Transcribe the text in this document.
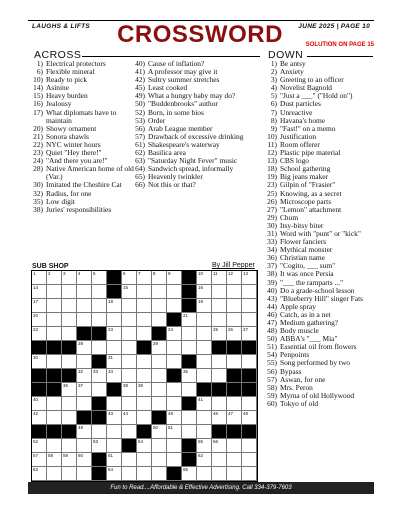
LAUGHS & LIFTS	JUNE 2025 | PAGE 10
CROSSWORD	SOLUTION ON PAGE 15
ACROSS	DOWN
1) Electrical protectors
6) Flexible mineral
10) Ready to pick
14) Asinine
15) Heavy burden
16) Jealousy
17) What diplomats have to maintain
20) Showy ornament
21) Sonora shawls
22) NYC winter hours
23) Quiet "Hey there!"
24) "And there you are!"
28) Native American home of old (Var.)
30) Imitated the Cheshire Cat
32) Radius, for one
35) Low digit
38) Juries' responsibilities
40) Cause of inflation?
41) A professor may give it
42) Sultry summer stretches
45) Least cooked
49) What a hungry baby may do?
50) "Buddenbrooks" author
52) Born, in some bios
53) Order
56) Arab League member
57) Drawback of excessive drinking
61) Shakespeare's waterway
62) Basilica area
63) "Saturday Night Fever" music
64) Sandwich spread, informally
65) Heavenly twinkler
66) Not this or that?
1) Be antsy
2) Anxiety
3) Greeting to an officer
4) Novelist Bagnold
5) "Just a ___" ("Hold on")
6) Dust particles
7) Unreactive
8) Havana's home
9) "Fast!" on a memo
10) Justification
11) Room offerer
12) Plastic pipe material
13) CBS logo
18) School gathering
19) Big jeans maker
23) Gilpin of "Frasier"
25) Knowing, as a secret
26) Microscope parts
27) "Lemon" attachment
29) Chum
30) Itsy-bitsy biter
31) Word with "punt" or "kick"
33) Flower fanciers
34) Mythical monster
36) Christian name
37) "Cogito, ___ sum"
38) It was once Persia
39) "___ the ramparts ..."
40) Do a grade-school lesson
43) "Blueberry Hill" singer Fats
44) Apple spray
46) Catch, as in a net
47) Medium gathering?
48) Body muscle
50) ABBA's "___ Mia"
51) Essential oil from flowers
54) Penpoints
55) Song performed by two
56) Bypass
57) Aswan, for one
58) Mrs. Peron
59) Myrna of old Hollywood
60) Tokyo of old
SUB SHOP	By Jill Pepper
1	2	3	4	5	6	7	8	9	10 11 12 13
14	15	16
17	18	19
20	21
22	23	24	25 26 27
28	29
30	31
32 33 34	35
36 37	38 39
40	41
42	43 44	45	46 47 48
49	50 51
52	53	54	55 56
57 58 59 60	61	62
63	64	65
Fun to Read....Affordable & Effective Advertising. Call 334-379-7603
